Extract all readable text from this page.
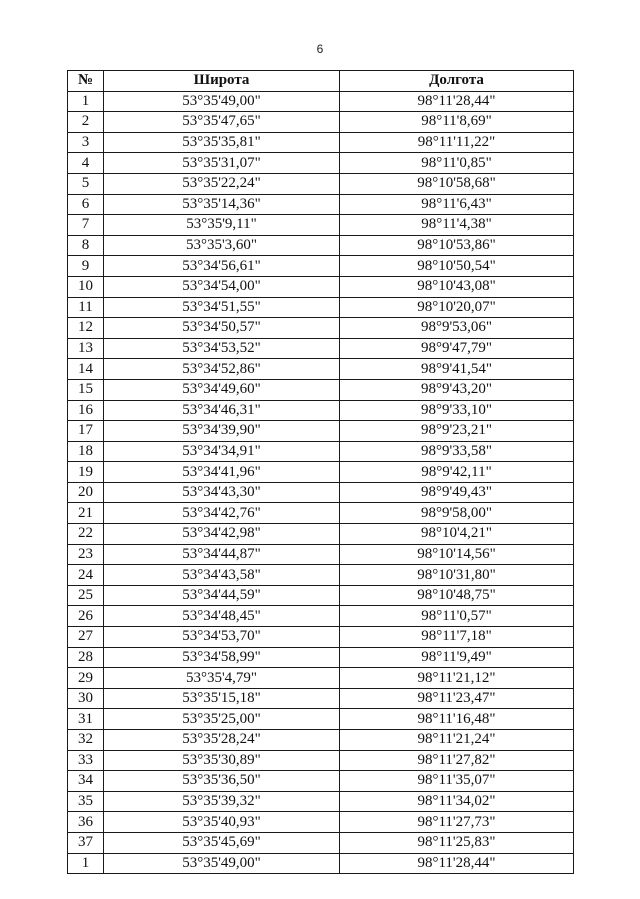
6
№	Широта	Долгота
1	53°35'49,00"	98°11'28,44"
2	53°35'47,65"	98°11'8,69"
3	53°35'35,81"	98°11'11,22"
4	53°35'31,07"	98°11'0,85"
5	53°35'22,24"	98°10'58,68"
6	53°35'14,36"	98°11'6,43"
7	53°35'9,11"	98°11'4,38"
8	53°35'3,60"	98°10'53,86"
9	53°34'56,61"	98°10'50,54"
10	53°34'54,00"	98°10'43,08"
11	53°34'51,55"	98°10'20,07"
12	53°34'50,57"	98°9'53,06"
13	53°34'53,52"	98°9'47,79"
14	53°34'52,86"	98°9'41,54"
15	53°34'49,60"	98°9'43,20"
16	53°34'46,31"	98°9'33,10"
17	53°34'39,90"	98°9'23,21"
18	53°34'34,91"	98°9'33,58"
19	53°34'41,96"	98°9'42,11"
20	53°34'43,30"	98°9'49,43"
21	53°34'42,76"	98°9'58,00"
22	53°34'42,98"	98°10'4,21"
23	53°34'44,87"	98°10'14,56"
24	53°34'43,58"	98°10'31,80"
25	53°34'44,59"	98°10'48,75"
26	53°34'48,45"	98°11'0,57"
27	53°34'53,70"	98°11'7,18"
28	53°34'58,99"	98°11'9,49"
29	53°35'4,79"	98°11'21,12"
30	53°35'15,18"	98°11'23,47"
31	53°35'25,00"	98°11'16,48"
32	53°35'28,24"	98°11'21,24"
33	53°35'30,89"	98°11'27,82"
34	53°35'36,50"	98°11'35,07"
35	53°35'39,32"	98°11'34,02"
36	53°35'40,93"	98°11'27,73"
37	53°35'45,69"	98°11'25,83"
1	53°35'49,00"	98°11'28,44"
